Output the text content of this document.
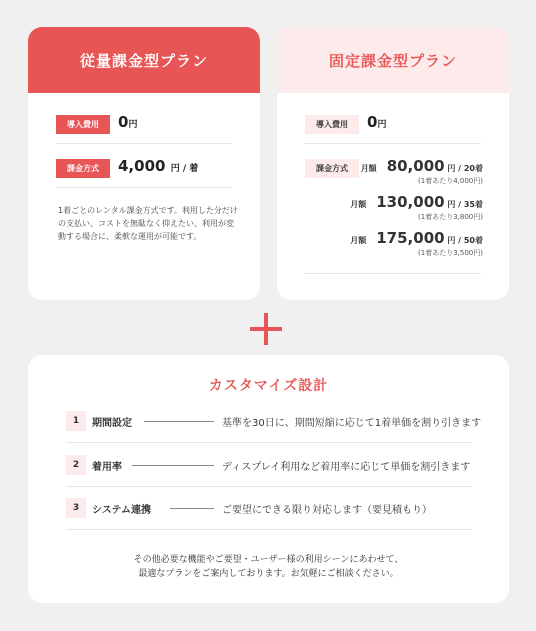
従量課金型プラン
導入費用	0円
課金方式	4,000 円 / 着
1着ごとのレンタル課金方式です。利用した分だけの支払い、コストを無駄なく抑えたい、利用が変動する場合に、柔軟な運用が可能です。
固定課金型プラン
導入費用	0円
課金方式	月額 80,000 円 / 20着
(1着あたり4,000円)
月額 130,000 円 / 35着
(1着あたり3,800円)
月額 175,000 円 / 50着
(1着あたり3,500円)
カスタマイズ設計
1	期間設定	基準を30日に、期間短縮に応じて1着単価を割り引きます
2	着用率	ディスプレイ利用など着用率に応じて単価を割引きます
3	システム連携	ご要望にできる限り対応します（要見積もり）
その他必要な機能やご要望・ユーザー様の利用シーンにあわせて、
最適なプランをご案内しております。お気軽にご相談ください。
